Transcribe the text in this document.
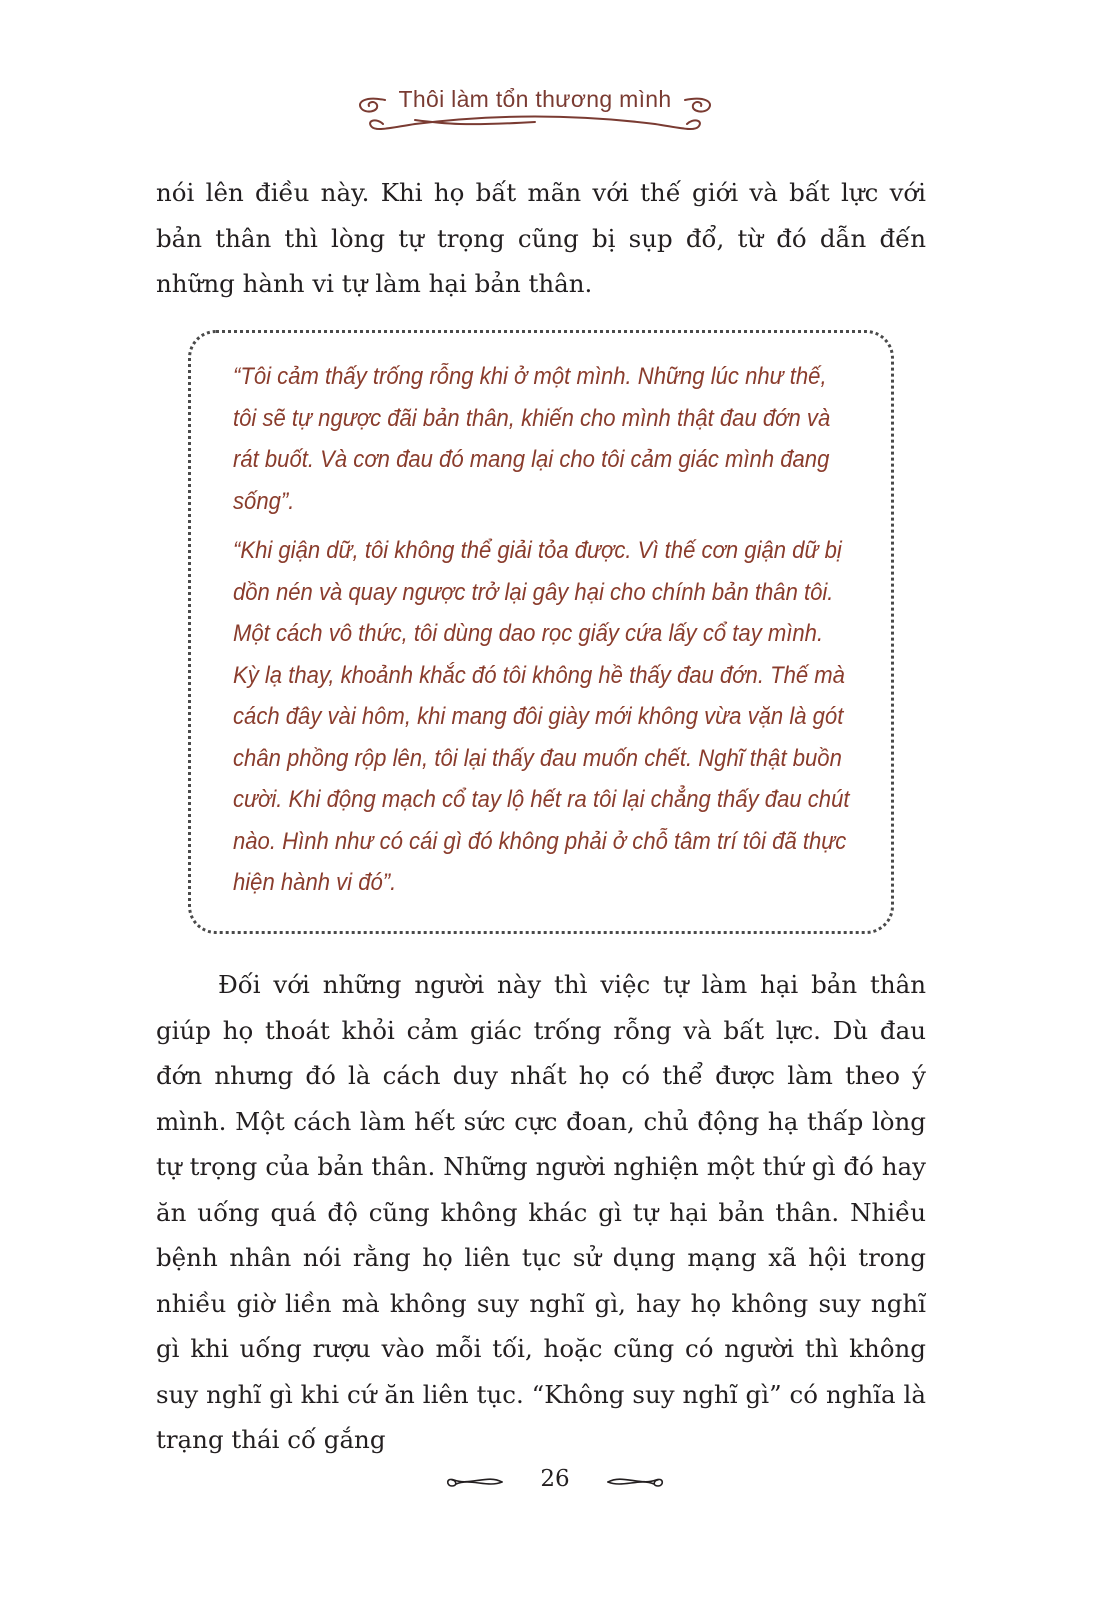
Thôi làm tổn thương mình

nói lên điều này. Khi họ bất mãn với thế giới và bất lực với bản thân thì lòng tự trọng cũng bị sụp đổ, từ đó dẫn đến những hành vi tự làm hại bản thân.

“Tôi cảm thấy trống rỗng khi ở một mình. Những lúc như thế, tôi sẽ tự ngược đãi bản thân, khiến cho mình thật đau đớn và rát buốt. Và cơn đau đó mang lại cho tôi cảm giác mình đang sống”.

“Khi giận dữ, tôi không thể giải tỏa được. Vì thế cơn giận dữ bị dồn nén và quay ngược trở lại gây hại cho chính bản thân tôi. Một cách vô thức, tôi dùng dao rọc giấy cứa lấy cổ tay mình. Kỳ lạ thay, khoảnh khắc đó tôi không hề thấy đau đớn. Thế mà cách đây vài hôm, khi mang đôi giày mới không vừa vặn là gót chân phồng rộp lên, tôi lại thấy đau muốn chết. Nghĩ thật buồn cười. Khi động mạch cổ tay lộ hết ra tôi lại chẳng thấy đau chút nào. Hình như có cái gì đó không phải ở chỗ tâm trí tôi đã thực hiện hành vi đó”.

Đối với những người này thì việc tự làm hại bản thân giúp họ thoát khỏi cảm giác trống rỗng và bất lực. Dù đau đớn nhưng đó là cách duy nhất họ có thể được làm theo ý mình. Một cách làm hết sức cực đoan, chủ động hạ thấp lòng tự trọng của bản thân. Những người nghiện một thứ gì đó hay ăn uống quá độ cũng không khác gì tự hại bản thân. Nhiều bệnh nhân nói rằng họ liên tục sử dụng mạng xã hội trong nhiều giờ liền mà không suy nghĩ gì, hay họ không suy nghĩ gì khi uống rượu vào mỗi tối, hoặc cũng có người thì không suy nghĩ gì khi cứ ăn liên tục. “Không suy nghĩ gì” có nghĩa là trạng thái cố gắng

26
